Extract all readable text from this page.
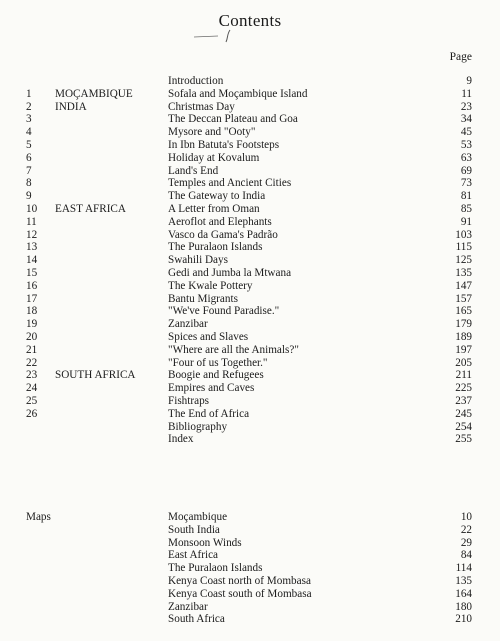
Contents
Page
Introduction	9
1 MOÇAMBIQUE	Sofala and Moçambique Island	11
2 INDIA	Christmas Day	23
3	The Deccan Plateau and Goa	34
4	Mysore and "Ooty"	45
5	In Ibn Batuta's Footsteps	53
6	Holiday at Kovalum	63
7	Land's End	69
8	Temples and Ancient Cities	73
9	The Gateway to India	81
10 EAST AFRICA	A Letter from Oman	85
11	Aeroflot and Elephants	91
12	Vasco da Gama's Padrão	103
13	The Puralaon Islands	115
14	Swahili Days	125
15	Gedi and Jumba la Mtwana	135
16	The Kwale Pottery	147
17	Bantu Migrants	157
18	"We've Found Paradise."	165
19	Zanzibar	179
20	Spices and Slaves	189
21	"Where are all the Animals?"	197
22	"Four of us Together."	205
23 SOUTH AFRICA	Boogie and Refugees	211
24	Empires and Caves	225
25	Fishtraps	237
26	The End of Africa	245
Bibliography	254
Index	255
Maps	Moçambique	10
South India	22
Monsoon Winds	29
East Africa	84
The Puralaon Islands	114
Kenya Coast north of Mombasa	135
Kenya Coast south of Mombasa	164
Zanzibar	180
South Africa	210
